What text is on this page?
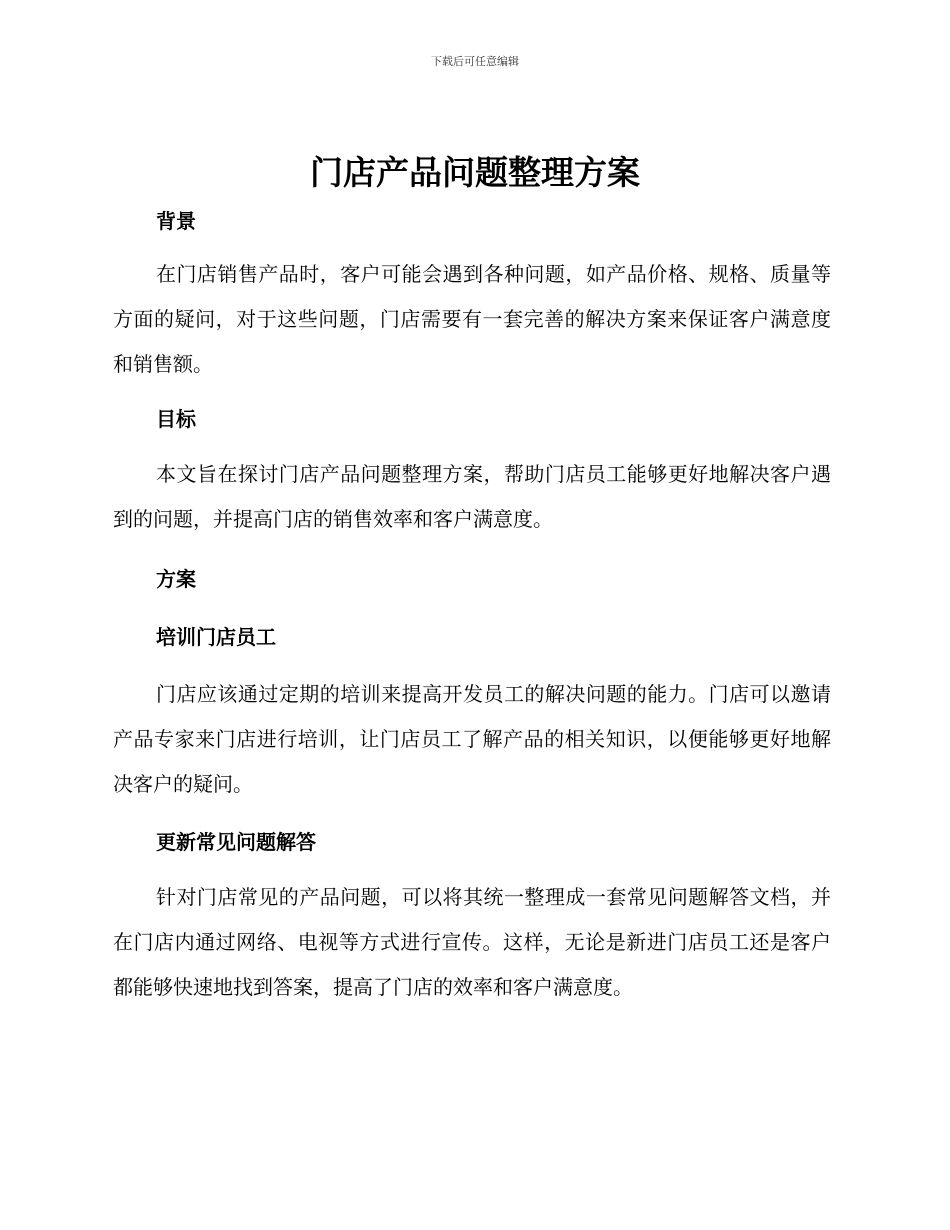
下载后可任意编辑
门店产品问题整理方案
背景

在门店销售产品时，客户可能会遇到各种问题，如产品价格、规格、质量等方面的疑问，对于这些问题，门店需要有一套完善的解决方案来保证客户满意度和销售额。

目标

本文旨在探讨门店产品问题整理方案，帮助门店员工能够更好地解决客户遇到的问题，并提高门店的销售效率和客户满意度。

方案
培训门店员工

门店应该通过定期的培训来提高开发员工的解决问题的能力。门店可以邀请产品专家来门店进行培训，让门店员工了解产品的相关知识，以便能够更好地解决客户的疑问。

更新常见问题解答

针对门店常见的产品问题，可以将其统一整理成一套常见问题解答文档，并在门店内通过网络、电视等方式进行宣传。这样，无论是新进门店员工还是客户都能够快速地找到答案，提高了门店的效率和客户满意度。
